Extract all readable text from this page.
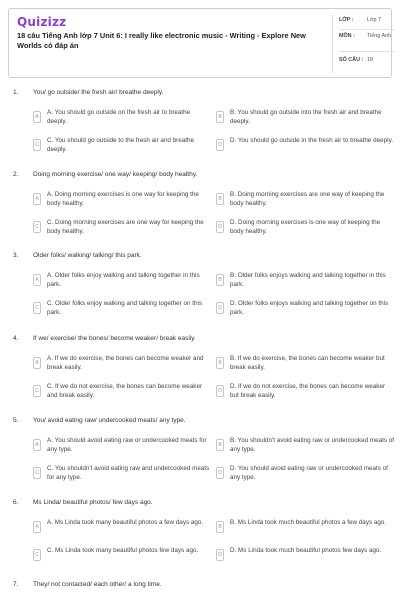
Quizizz
18 câu Tiếng Anh lớp 7 Unit 6: I really like electronic music - Writing - Explore New Worlds có đáp án
LỚP : Lớp 7
MÔN : Tiếng Anh
SỐ CÂU : 18
1. You/ go outside/ the fresh air/ breathe deeply.
A
A. You should go outside on the fresh air to breathe deeply.
B
B. You should go outside into the fresh air and breathe deeply.
C
C. You should go outside to the fresh air and breathe deeply.
D
D. You should go outside in the fresh air to breathe deeply.
2. Doing morning exercise/ one way/ keeping/ body healthy.
A
A. Doing morning exercises is one way for keeping the body healthy.
B
B. Doing morning exercises are one way of keeping the body healthy.
C
C. Doing morning exercises are one way for keeping the body healthy.
D
D. Doing morning exercises is one way of keeping the body healthy.
3. Older folks/ walking/ talking/ this park.
A
A. Older folks enjoy walking and talking together in this park.
B
B. Older folks enjoys walking and talking together in this park.
C
C. Older folks enjoy walking and talking together on this park.
D
D. Older folks enjoys walking and talking together on this park.
4. If we/ exercise/ the bones/ become weaker/ break easily.
A
A. If we do exercise, the bones can become weaker and break easily.
B
B. If we do exercise, the bones can become weaker but break easily.
C
C. If we do not exercise, the bones can become weaker and break easily.
D
D. If we do not exercise, the bones can become weaker but break easily.
5. You/ avoid eating raw/ undercooked meats/ any type.
A
A. You should avoid eating raw or undercooked meats for any type.
B
B. You shouldn't avoid eating raw or undercooked meats of any type.
C
C. You shouldn't avoid eating raw and undercooked meats for any type.
D
D. You should avoid eating raw or undercooked meats of any type.
6. Ms Linda/ beautiful photos/ few days ago.
A
A. Ms Linda took many beautiful photos a few days ago.
B
B. Ms Linda took much beautiful photos a few days ago.
C
C. Ms Linda took many beautiful photos few days ago.
D
D. Ms Linda took much beautiful photos few days ago.
7. They/ not contacted/ each other/ a long time.
